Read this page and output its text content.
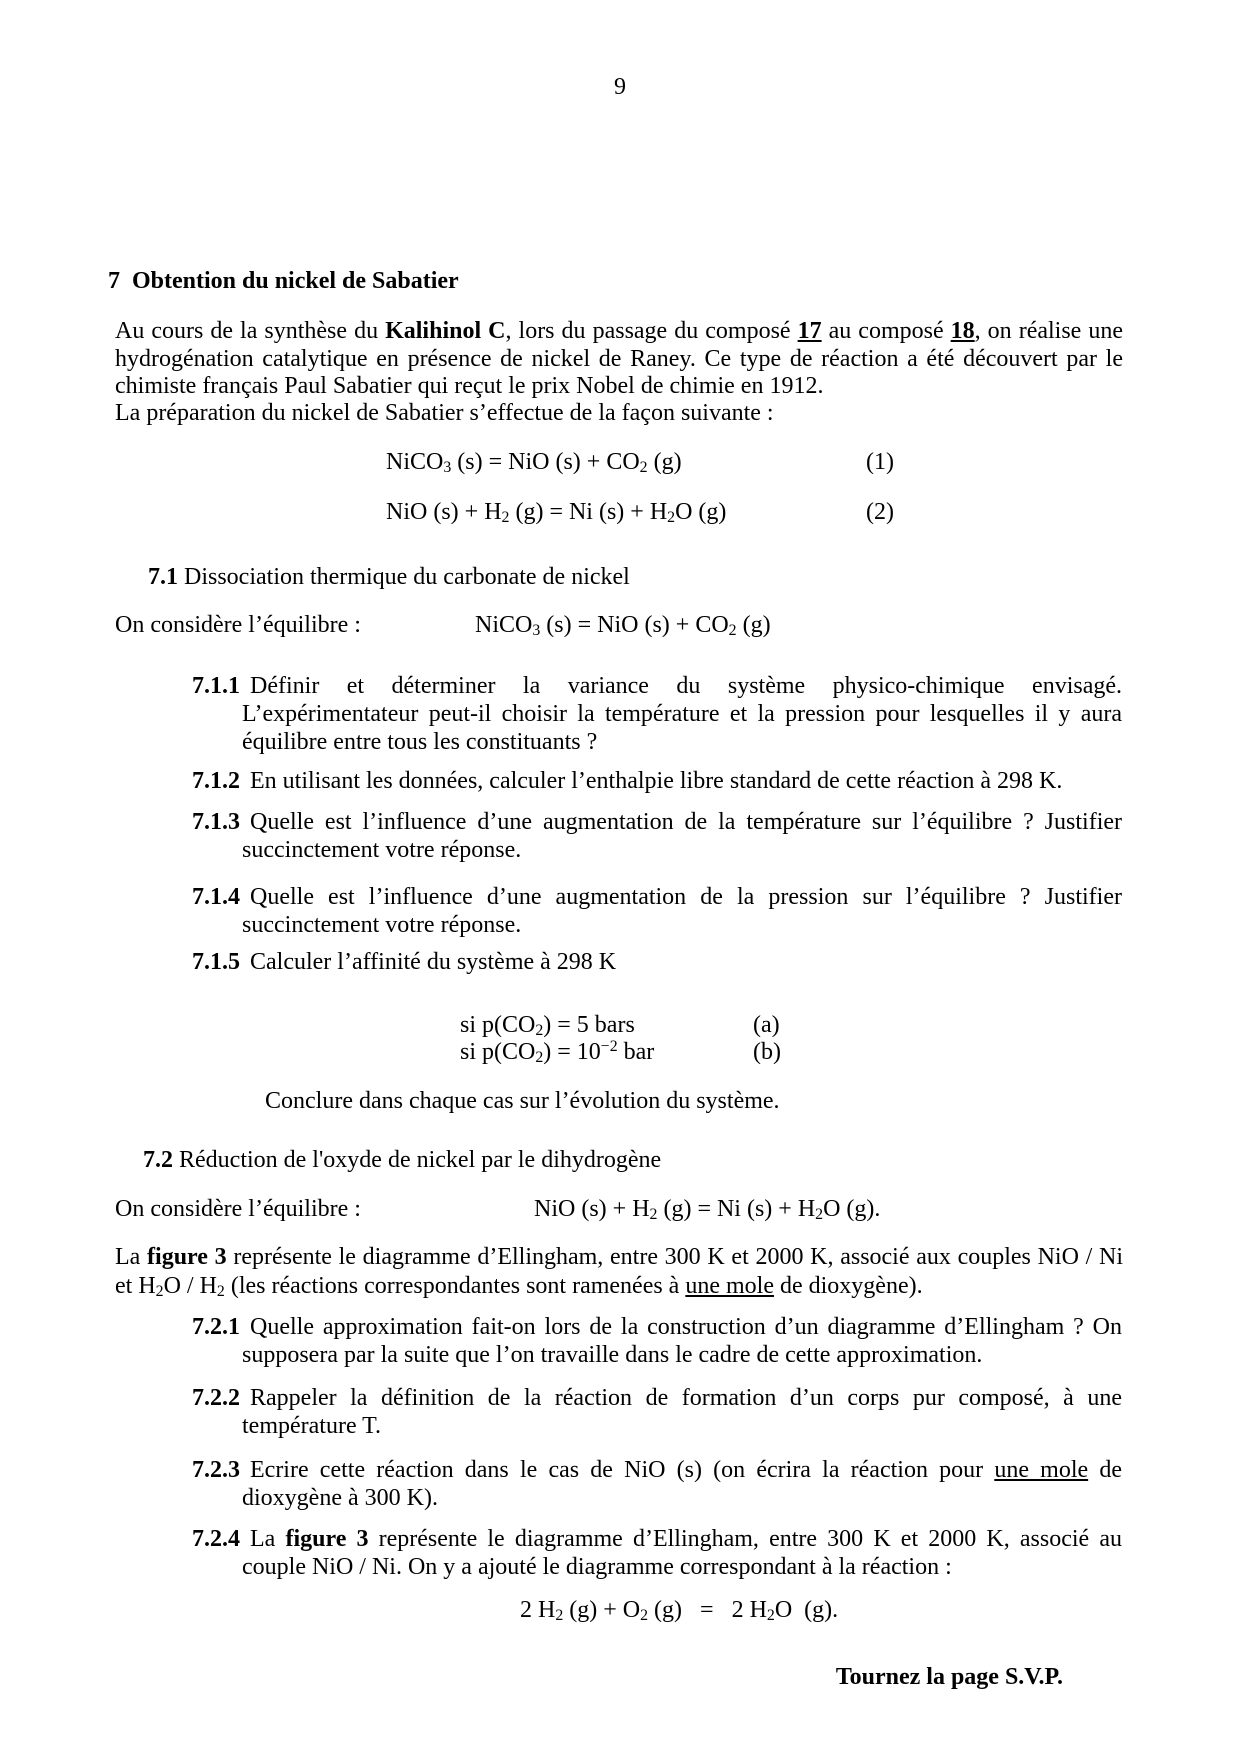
9
7  Obtention du nickel de Sabatier
Au cours de la synthèse du Kalihinol C, lors du passage du composé 17 au composé 18, on réalise une hydrogénation catalytique en présence de nickel de Raney. Ce type de réaction a été découvert par le chimiste français Paul Sabatier qui reçut le prix Nobel de chimie en 1912.
La préparation du nickel de Sabatier s’effectue de la façon suivante :
NiCO$_3$ (s) = NiO $(s) + CO_2$ (g)	(1)
NiO $(s) + H_2$ (g) = Ni $(s) + H_2O$ (g)	(2)
7.1 Dissociation thermique du carbonate de nickel
On considère l’équilibre :	NiCO$_3$ (s) = NiO $(s) + CO_2$ (g)
7.1.1 Définir et déterminer la variance du système physico-chimique envisagé. L’expérimentateur peut-il choisir la température et la pression pour lesquelles il y aura équilibre entre tous les constituants ?
7.1.2 En utilisant les données, calculer l’enthalpie libre standard de cette réaction à 298 K.
7.1.3 Quelle est l’influence d’une augmentation de la température sur l’équilibre ? Justifier succinctement votre réponse.
7.1.4 Quelle est l’influence d’une augmentation de la pression sur l’équilibre ? Justifier succinctement votre réponse.
7.1.5 Calculer l’affinité du système à 298 K
si $p(CO_2) = 5$ bars	(a)
si $p(CO_2) = 10^{-2}$ bar	(b)
Conclure dans chaque cas sur l’évolution du système.
7.2 Réduction de l'oxyde de nickel par le dihydrogène
On considère l’équilibre :	NiO $(s) + H_2$ (g) = Ni $(s) + H_2O$ (g).
La figure 3 représente le diagramme d’Ellingham, entre 300 K et 2000 K, associé aux couples NiO / Ni et $H_2O / H_2$ (les réactions correspondantes sont ramenées à une mole de dioxygène).
7.2.1 Quelle approximation fait-on lors de la construction d’un diagramme d’Ellingham ? On supposera par la suite que l’on travaille dans le cadre de cette approximation.
7.2.2 Rappeler la définition de la réaction de formation d’un corps pur composé, à une température T.
7.2.3 Ecrire cette réaction dans le cas de NiO (s) (on écrira la réaction pour une mole de dioxygène à 300 K).
7.2.4 La figure 3 représente le diagramme d’Ellingham, entre 300 K et 2000 K, associé au couple NiO / Ni. On y a ajouté le diagramme correspondant à la réaction :
2 $H_2$ $(g) + O_2$ (g)   =   2 $H_2O$  (g).
Tournez la page S.V.P.
